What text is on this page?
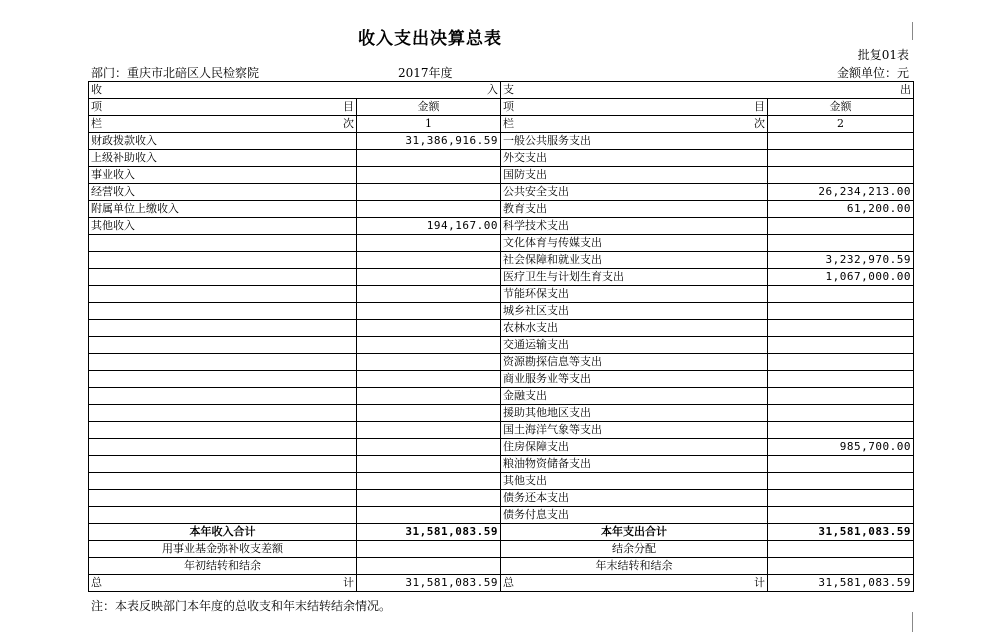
收入支出决算总表
批复01表
部门：重庆市北碚区人民检察院	2017年度	金额单位：元
收 入		支 出	

项 目	金额	项 目	金额

栏 次	1	栏 次	2
财政拨款收入	31,386,916.59	一般公共服务支出	
上级补助收入		外交支出	
事业收入		国防支出	
经营收入		公共安全支出	26,234,213.00
附属单位上缴收入		教育支出	61,200.00
其他收入	194,167.00	科学技术支出	
		文化体育与传媒支出	
		社会保障和就业支出	3,232,970.59
		医疗卫生与计划生育支出	1,067,000.00
		节能环保支出	
		城乡社区支出	
		农林水支出	
		交通运输支出	
		资源勘探信息等支出	
		商业服务业等支出	
		金融支出	
		援助其他地区支出	
		国土海洋气象等支出	
		住房保障支出	985,700.00
		粮油物资储备支出	
		其他支出	
		债务还本支出	
		债务付息支出	
本年收入合计	31,581,083.59	本年支出合计	31,581,083.59
用事业基金弥补收支差额		结余分配	
年初结转和结余		年末结转和结余	

总 计	31,581,083.59	总 计	31,581,083.59
注：本表反映部门本年度的总收支和年末结转结余情况。
